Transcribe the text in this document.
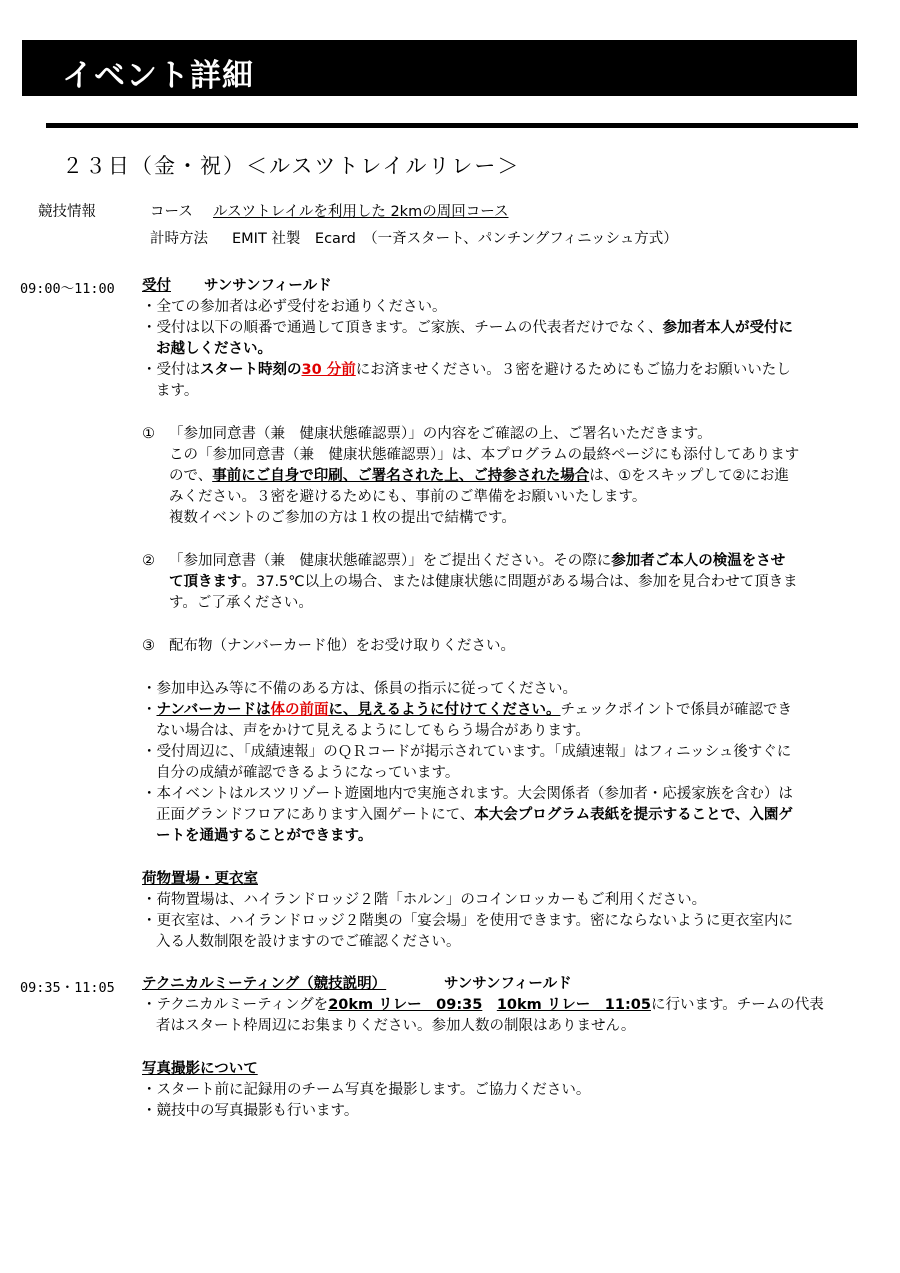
イベント詳細
２３日（金・祝）＜ルスツトレイルリレー＞
競技情報	コース ルスツトレイルを利用した 2kmの周回コース
計時方法 EMIT 社製　Ecard　（一斉スタート、パンチングフィニッシュ方式）
09:00～11:00 受付 サンサンフィールド
・全ての参加者は必ず受付をお通りください。
・受付は以下の順番で通過して頂きます。ご家族、チームの代表者だけでなく、参加者本人が受付に
お越しください。
・受付はスタート時刻の30 分前にお済ませください。３密を避けるためにもご協力をお願いいたし
ます。
① 「参加同意書（兼　健康状態確認票）」の内容をご確認の上、ご署名いただきます。
この「参加同意書（兼　健康状態確認票）」は、本プログラムの最終ページにも添付してあります
ので、事前にご自身で印刷、ご署名された上、ご持参された場合は、①をスキップして②にお進
みください。３密を避けるためにも、事前のご準備をお願いいたします。
複数イベントのご参加の方は１枚の提出で結構です。
② 「参加同意書（兼　健康状態確認票）」をご提出ください。その際に参加者ご本人の検温をさせ
て頂きます。37.5℃以上の場合、または健康状態に問題がある場合は、参加を見合わせて頂きま
す。ご了承ください。
③ 配布物（ナンバーカード他）をお受け取りください。
・参加申込み等に不備のある方は、係員の指示に従ってください。
・ナンバーカードは体の前面に、見えるように付けてください。チェックポイントで係員が確認でき
ない場合は、声をかけて見えるようにしてもらう場合があります。
・受付周辺に、「成績速報」のＱＲコードが掲示されています。「成績速報」はフィニッシュ後すぐに
自分の成績が確認できるようになっています。
・本イベントはルスツリゾート遊園地内で実施されます。大会関係者（参加者・応援家族を含む）は
正面グランドフロアにあります入園ゲートにて、本大会プログラム表紙を提示することで、入園ゲ
ートを通過することができます。
荷物置場・更衣室
・荷物置場は、ハイランドロッジ２階「ホルン」のコインロッカーもご利用ください。
・更衣室は、ハイランドロッジ２階奥の「宴会場」を使用できます。密にならないように更衣室内に
入る人数制限を設けますのでご確認ください。
09:35・11:05 テクニカルミーティング（競技説明）	サンサンフィールド
・テクニカルミーティングを20km リレー　09:35　 10km リレー　11:05に行います。チームの代表
者はスタート枠周辺にお集まりください。参加人数の制限はありません。
写真撮影について
・スタート前に記録用のチーム写真を撮影します。ご協力ください。
・競技中の写真撮影も行います。
